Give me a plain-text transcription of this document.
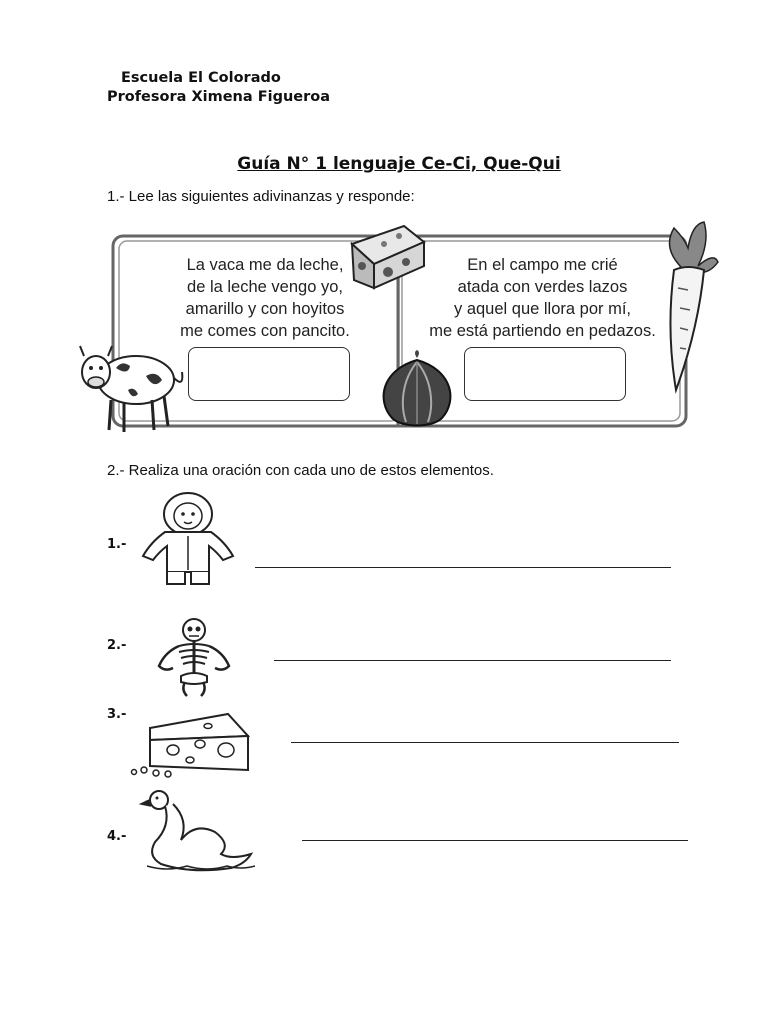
Escuela El Colorado
Profesora Ximena Figueroa
Guía N° 1 lenguaje Ce-Ci, Que-Qui
1.- Lee las siguientes adivinanzas y responde:
La vaca me da leche,
de la leche vengo yo,
amarillo y con hoyitos
me comes con pancito.
En el campo me crié
atada con verdes lazos
y aquel que llora por mí,
me está partiendo en pedazos.
2.- Realiza una oración con cada uno de estos elementos.
1.-
2.-
3.-
4.-
